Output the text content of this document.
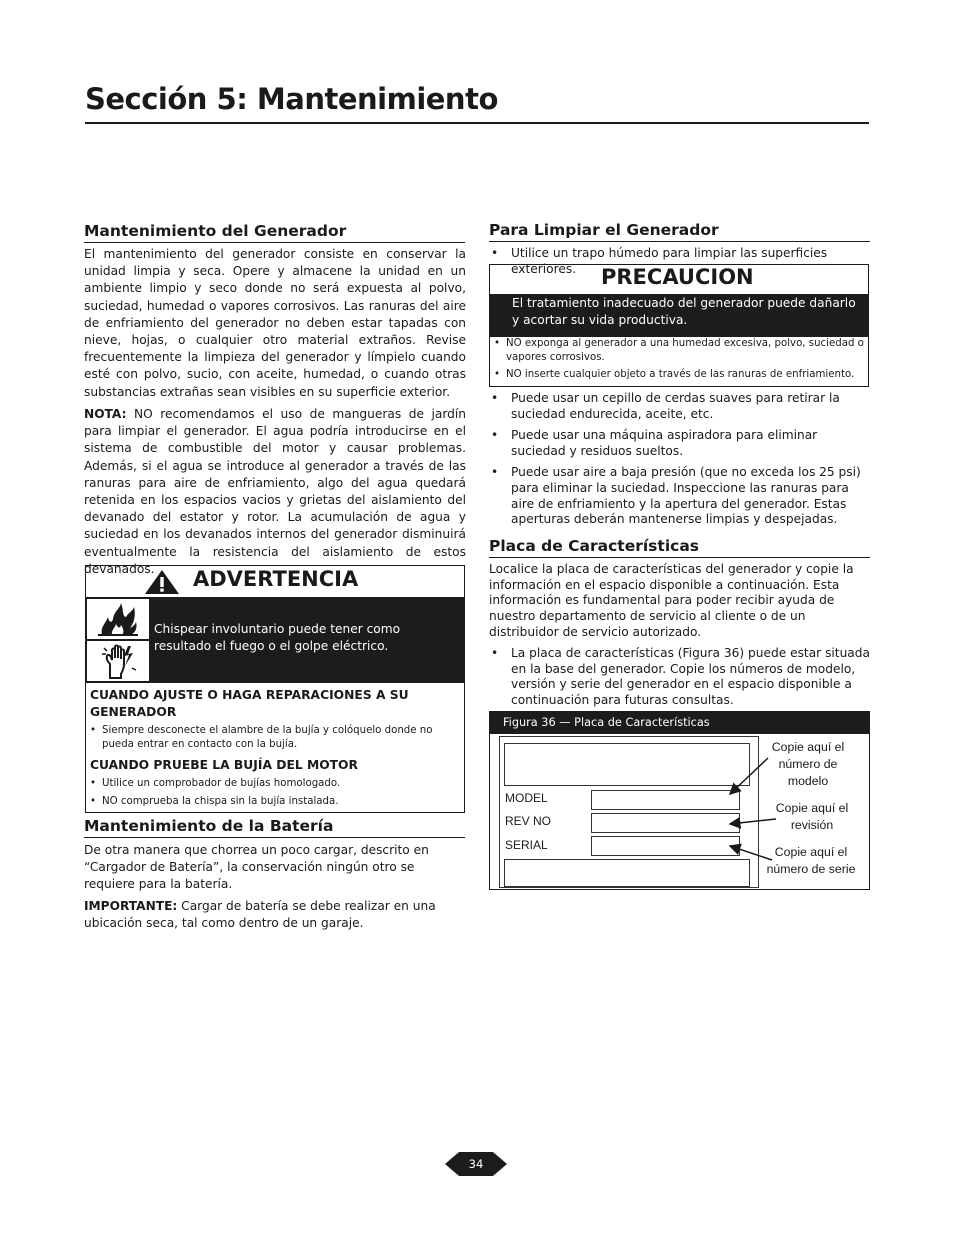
Sección 5: Mantenimiento
Mantenimiento del Generador

El mantenimiento del generador consiste en conservar la unidad limpia y seca. Opere y almacene la unidad en un ambiente limpio y seco donde no será expuesta al polvo, suciedad, humedad o vapores corrosivos. Las ranuras del aire de enfriamiento del generador no deben estar tapadas con nieve, hojas, o cualquier otro material extraños. Revise frecuentemente la limpieza del generador y límpielo cuando esté con polvo, sucio, con aceite, humedad, o cuando otras substancias extrañas sean visibles en su superficie exterior.

NOTA: NO recomendamos el uso de mangueras de jardín para limpiar el generador. El agua podría introducirse en el sistema de combustible del motor y causar problemas. Además, si el agua se introduce al generador a través de las ranuras para aire de enfriamiento, algo del agua quedará retenida en los espacios vacios y grietas del aislamiento del devanado del estator y rotor. La acumulación de agua y suciedad en los devanados internos del generador disminuirá eventualmente la resistencia del aislamiento de estos devanados.	ADVERTENCIA
Chispear involuntario puede tener como resultado el fuego o el golpe eléctrico.
CUANDO AJUSTE O HAGA REPARACIONES A SU GENERADOR
• Siempre desconecte el alambre de la bujía y colóquelo donde no pueda entrar en contacto con la bujía.
CUANDO PRUEBE LA BUJÍA DEL MOTOR
• Utilice un comprobador de bujías homologado.
• NO comprueba la chispa sin la bujía instalada.
Mantenimiento de la Batería

De otra manera que chorrea un poco cargar, descrito en “Cargador de Batería”, la conservación ningún otro se requiere para la batería.

IMPORTANTE: Cargar de batería se debe realizar en una ubicación seca, tal como dentro de un garaje.

Para Limpiar el Generador
• Utilice un trapo húmedo para limpiar las superficies exteriores.	PRECAUCION
El tratamiento inadecuado del generador puede dañarlo y acortar su vida productiva.
• NO exponga al generador a una humedad excesiva, polvo, suciedad o vapores corrosivos.
• NO inserte cualquier objeto a través de las ranuras de enfriamiento.
• Puede usar un cepillo de cerdas suaves para retirar la suciedad endurecida, aceite, etc.
• Puede usar una máquina aspiradora para eliminar suciedad y residuos sueltos.
• Puede usar aire a baja presión (que no exceda los 25 psi) para eliminar la suciedad. Inspeccione las ranuras para aire de enfriamiento y la apertura del generador. Estas aperturas deberán mantenerse limpias y despejadas.
Placa de Características

Localice la placa de características del generador y copie la información en el espacio disponible a continuación. Esta información es fundamental para poder recibir ayuda de nuestro departamento de servicio al cliente o de un distribuidor de servicio autorizado.

• La placa de características (Figura 36) puede estar situada en la base del generador. Copie los números de modelo, versión y serie del generador en el espacio disponible a continuación para futuras consultas.
Figura 36 — Placa de Características
MODEL
REV NO
SERIAL
Copie aquí el número de modelo
Copie aquí el revisión
Copie aquí el número de serie
34
